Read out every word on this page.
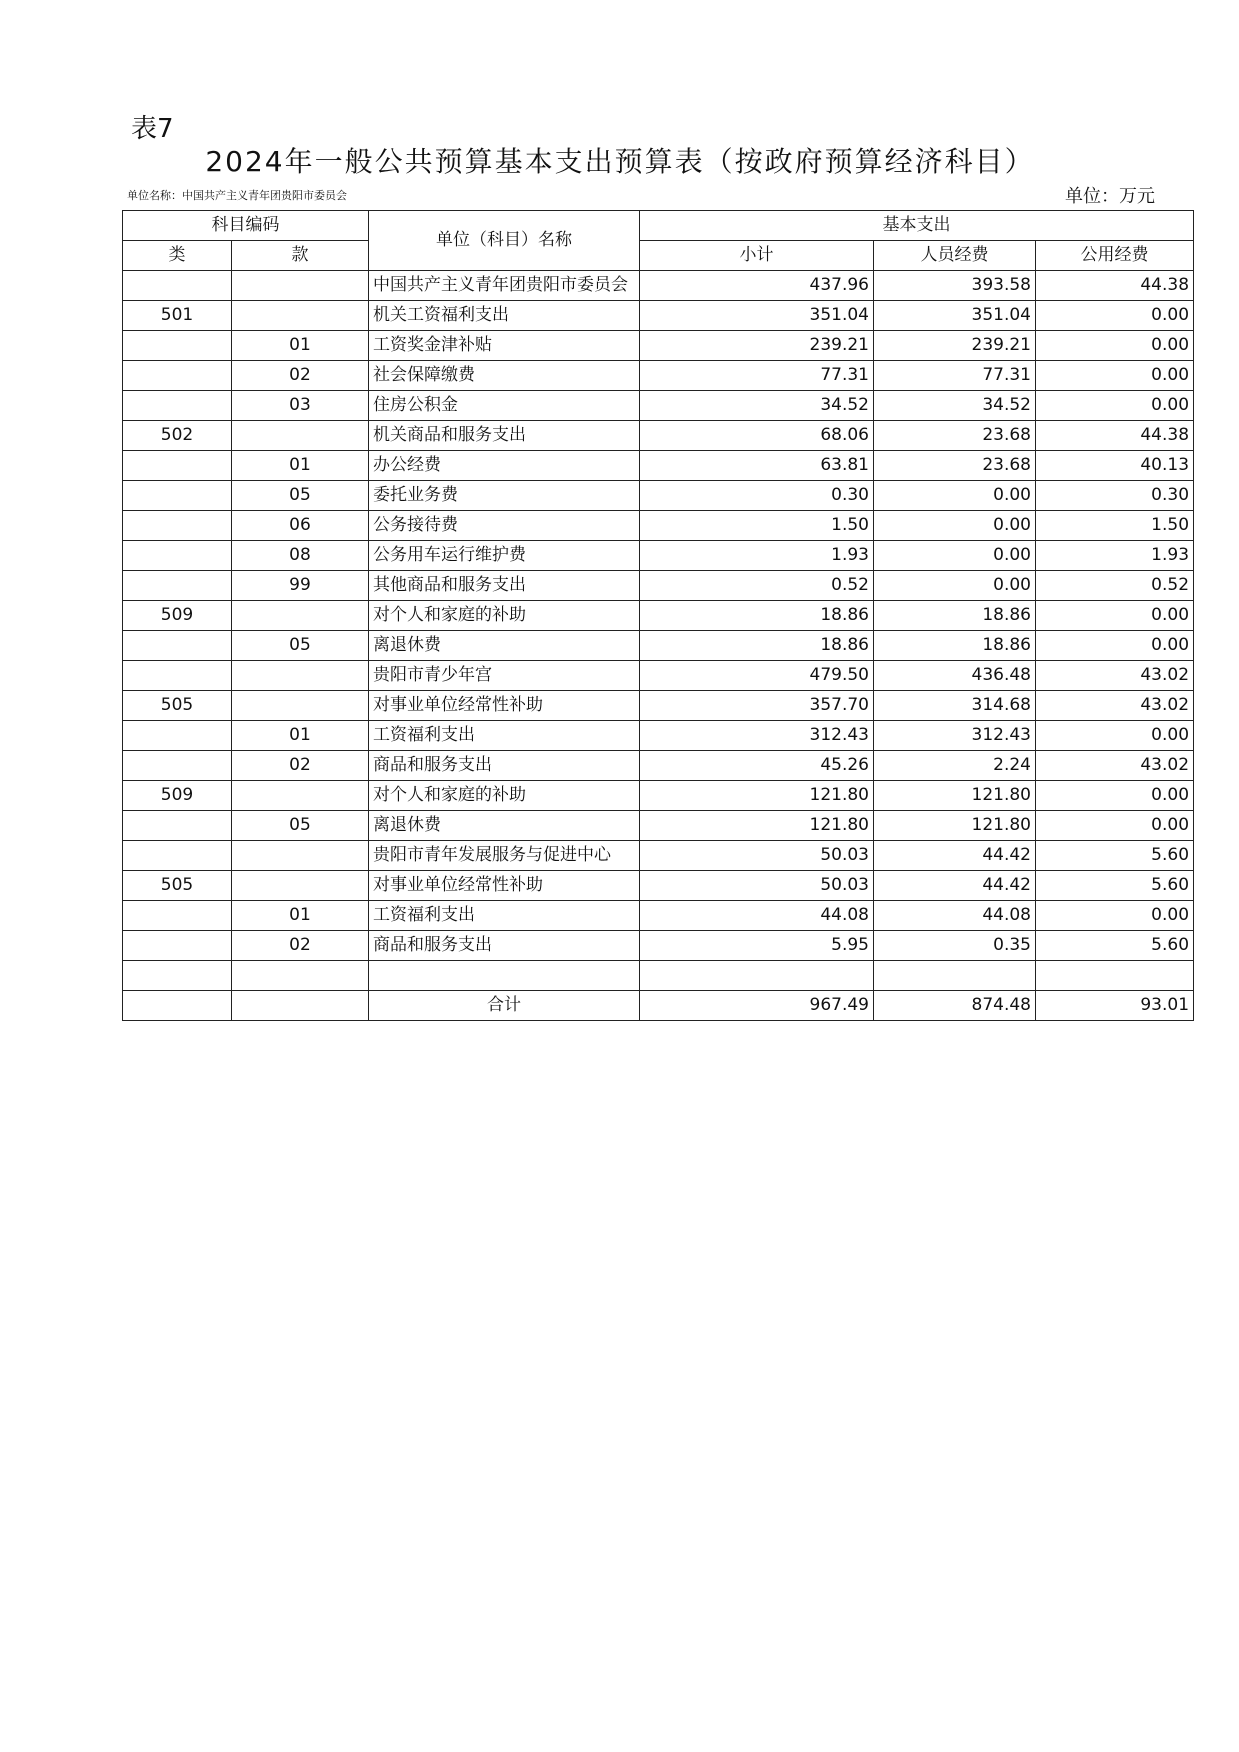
表7
2024年一般公共预算基本支出预算表（按政府预算经济科目）
单位名称：中国共产主义青年团贵阳市委员会	单位：万元
科目编码		单位（科目）名称	基本支出		
类	款		小计	人员经费	公用经费
		中国共产主义青年团贵阳市委员会	437.96	393.58	44.38
501		机关工资福利支出	351.04	351.04	0.00
	01	工资奖金津补贴	239.21	239.21	0.00
	02	社会保障缴费	77.31	77.31	0.00
	03	住房公积金	34.52	34.52	0.00
502		机关商品和服务支出	68.06	23.68	44.38
	01	办公经费	63.81	23.68	40.13
	05	委托业务费	0.30	0.00	0.30
	06	公务接待费	1.50	0.00	1.50
	08	公务用车运行维护费	1.93	0.00	1.93
	99	其他商品和服务支出	0.52	0.00	0.52
509		对个人和家庭的补助	18.86	18.86	0.00
	05	离退休费	18.86	18.86	0.00
		贵阳市青少年宫	479.50	436.48	43.02
505		对事业单位经常性补助	357.70	314.68	43.02
	01	工资福利支出	312.43	312.43	0.00
	02	商品和服务支出	45.26	2.24	43.02
509		对个人和家庭的补助	121.80	121.80	0.00
	05	离退休费	121.80	121.80	0.00
		贵阳市青年发展服务与促进中心	50.03	44.42	5.60
505		对事业单位经常性补助	50.03	44.42	5.60
	01	工资福利支出	44.08	44.08	0.00
	02	商品和服务支出	5.95	0.35	5.60

		合计	967.49	874.48	93.01
